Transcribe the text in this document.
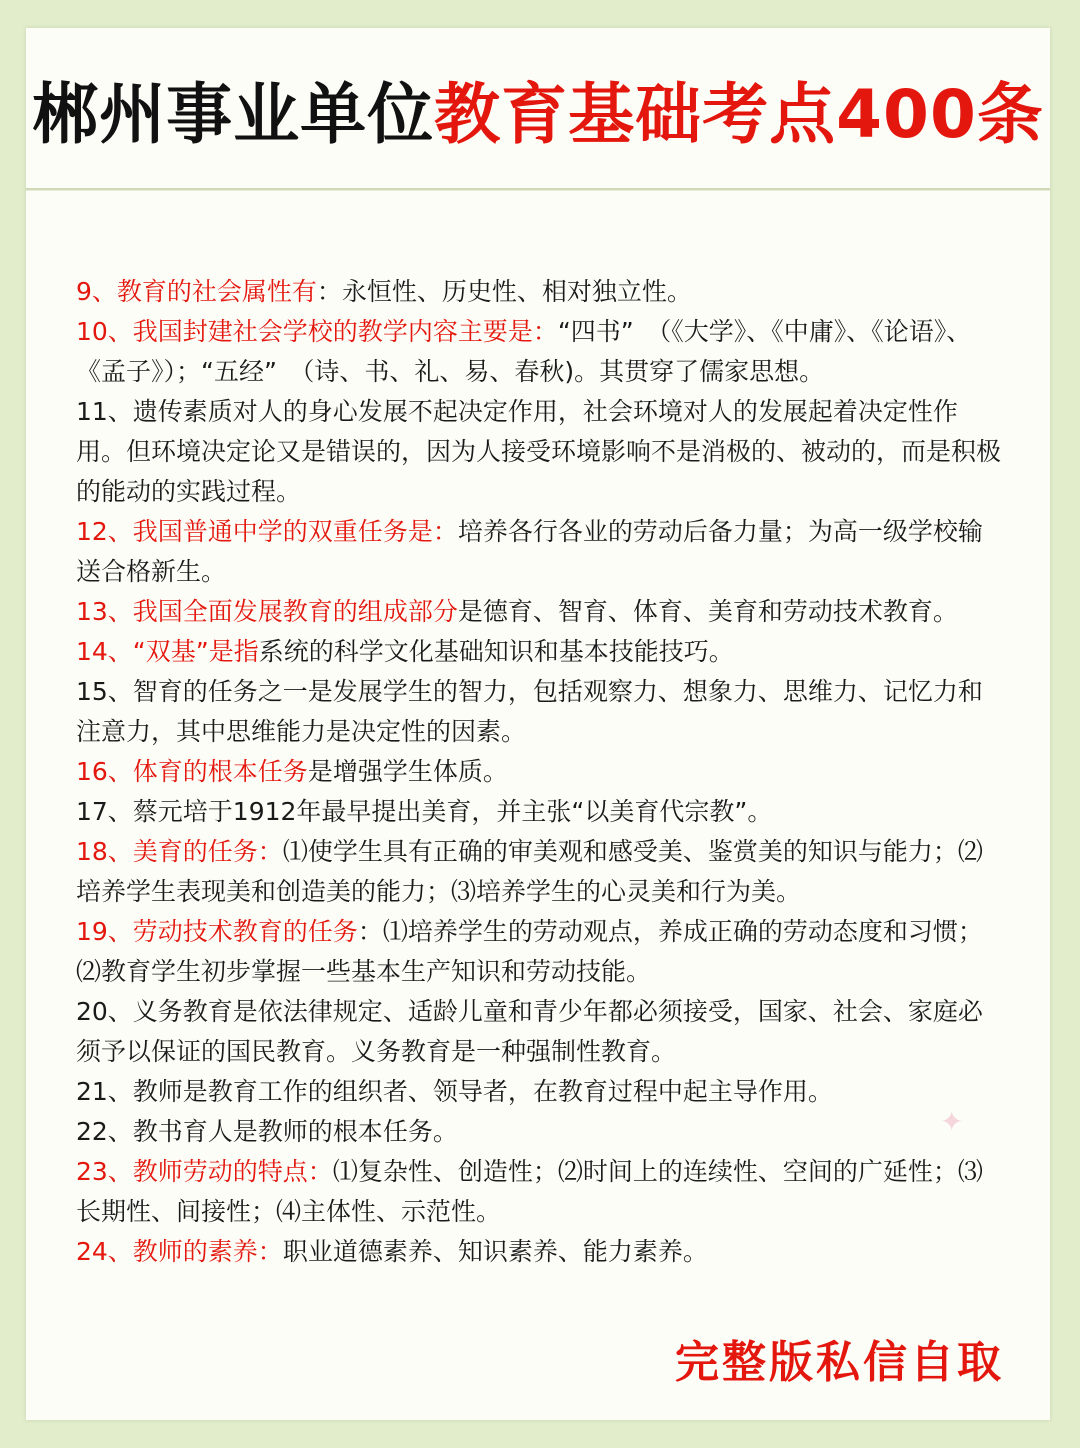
郴州事业单位教育基础考点400条

9、教育的社会属性有：永恒性、历史性、相对独立性。

10、我国封建社会学校的教学内容主要是：“四书”　（《大学》、《中庸》、《论语》、《孟子》）；“五经”　（诗、书、礼、易、春秋)。其贯穿了儒家思想。

11、遗传素质对人的身心发展不起决定作用，社会环境对人的发展起着决定性作用。但环境决定论又是错误的，因为人接受环境影响不是消极的、被动的，而是积极的能动的实践过程。

12、我国普通中学的双重任务是：培养各行各业的劳动后备力量；为高一级学校输送合格新生。

13、我国全面发展教育的组成部分是德育、智育、体育、美育和劳动技术教育。

14、“双基”是指系统的科学文化基础知识和基本技能技巧。

15、智育的任务之一是发展学生的智力，包括观察力、想象力、思维力、记忆力和注意力，其中思维能力是决定性的因素。

16、体育的根本任务是增强学生体质。

17、蔡元培于1912年最早提出美育，并主张“以美育代宗教”。

18、美育的任务：⑴使学生具有正确的审美观和感受美、鉴赏美的知识与能力；⑵培养学生表现美和创造美的能力；⑶培养学生的心灵美和行为美。

19、劳动技术教育的任务：⑴培养学生的劳动观点，养成正确的劳动态度和习惯；⑵教育学生初步掌握一些基本生产知识和劳动技能。

20、义务教育是依法律规定、适龄儿童和青少年都必须接受，国家、社会、家庭必须予以保证的国民教育。义务教育是一种强制性教育。

21、教师是教育工作的组织者、领导者，在教育过程中起主导作用。

22、教书育人是教师的根本任务。

23、教师劳动的特点：⑴复杂性、创造性；⑵时间上的连续性、空间的广延性；⑶长期性、间接性；⑷主体性、示范性。

24、教师的素养：职业道德素养、知识素养、能力素养。

✦
完整版私信自取
